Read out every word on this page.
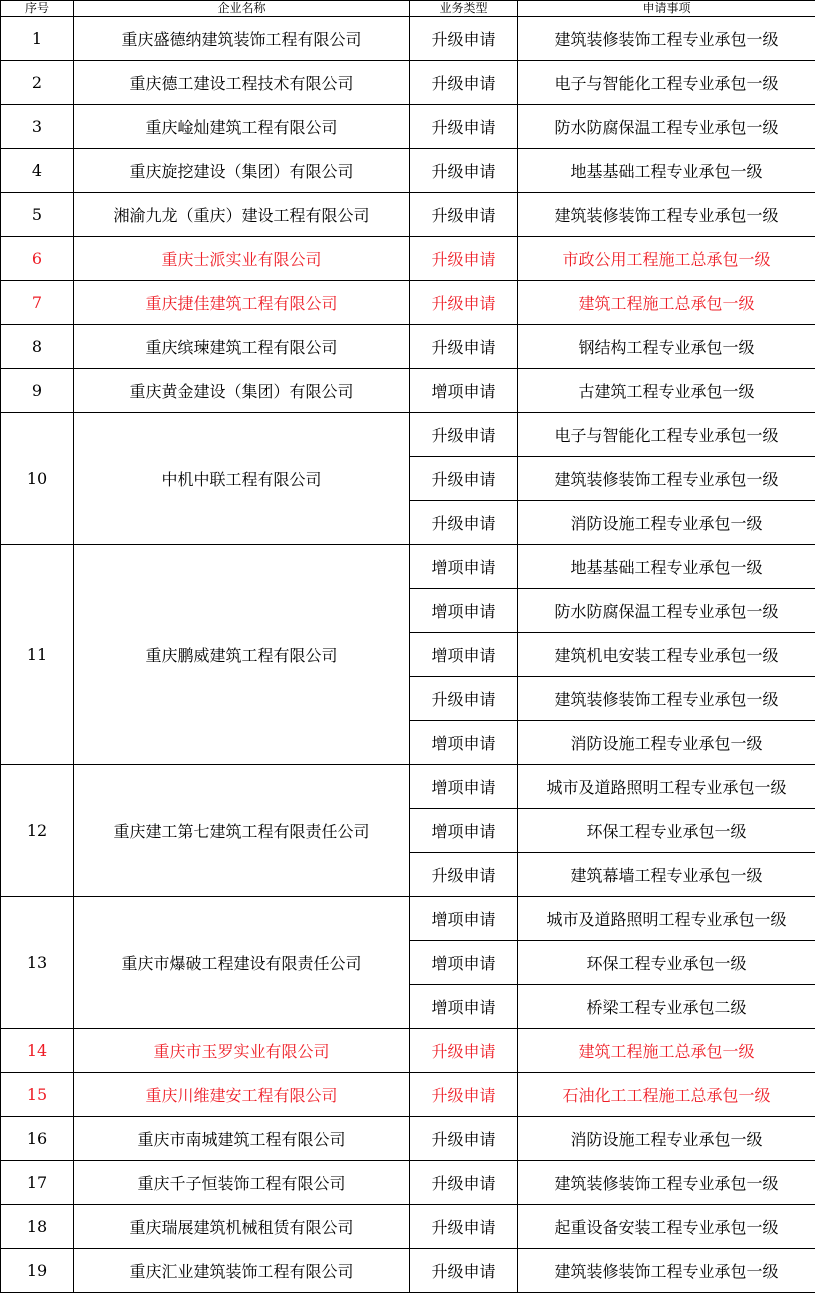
序号	企业名称	业务类型	申请事项
1	重庆盛德纳建筑装饰工程有限公司	升级申请	建筑装修装饰工程专业承包一级
2	重庆德工建设工程技术有限公司	升级申请	电子与智能化工程专业承包一级
3	重庆崯灿建筑工程有限公司	升级申请	防水防腐保温工程专业承包一级
4	重庆旋挖建设（集团）有限公司	升级申请	地基基础工程专业承包一级
5	湘渝九龙（重庆）建设工程有限公司	升级申请	建筑装修装饰工程专业承包一级
6	重庆士派实业有限公司	升级申请	市政公用工程施工总承包一级
7	重庆捷佳建筑工程有限公司	升级申请	建筑工程施工总承包一级
8	重庆缤瑓建筑工程有限公司	升级申请	钢结构工程专业承包一级
9	重庆黄金建设（集团）有限公司	增项申请	古建筑工程专业承包一级
10	中机中联工程有限公司	升级申请	电子与智能化工程专业承包一级
		升级申请	建筑装修装饰工程专业承包一级
		升级申请	消防设施工程专业承包一级
11	重庆鹏威建筑工程有限公司	增项申请	地基基础工程专业承包一级
		增项申请	防水防腐保温工程专业承包一级
		增项申请	建筑机电安装工程专业承包一级
		升级申请	建筑装修装饰工程专业承包一级
		增项申请	消防设施工程专业承包一级
12	重庆建工第七建筑工程有限责任公司	增项申请	城市及道路照明工程专业承包一级
		增项申请	环保工程专业承包一级
		升级申请	建筑幕墙工程专业承包一级
13	重庆市爆破工程建设有限责任公司	增项申请	城市及道路照明工程专业承包一级
		增项申请	环保工程专业承包一级
		增项申请	桥梁工程专业承包二级
14	重庆市玉罗实业有限公司	升级申请	建筑工程施工总承包一级
15	重庆川维建安工程有限公司	升级申请	石油化工工程施工总承包一级
16	重庆市南城建筑工程有限公司	升级申请	消防设施工程专业承包一级
17	重庆千子恒装饰工程有限公司	升级申请	建筑装修装饰工程专业承包一级
18	重庆瑞展建筑机械租赁有限公司	升级申请	起重设备安装工程专业承包一级
19	重庆汇业建筑装饰工程有限公司	升级申请	建筑装修装饰工程专业承包一级
